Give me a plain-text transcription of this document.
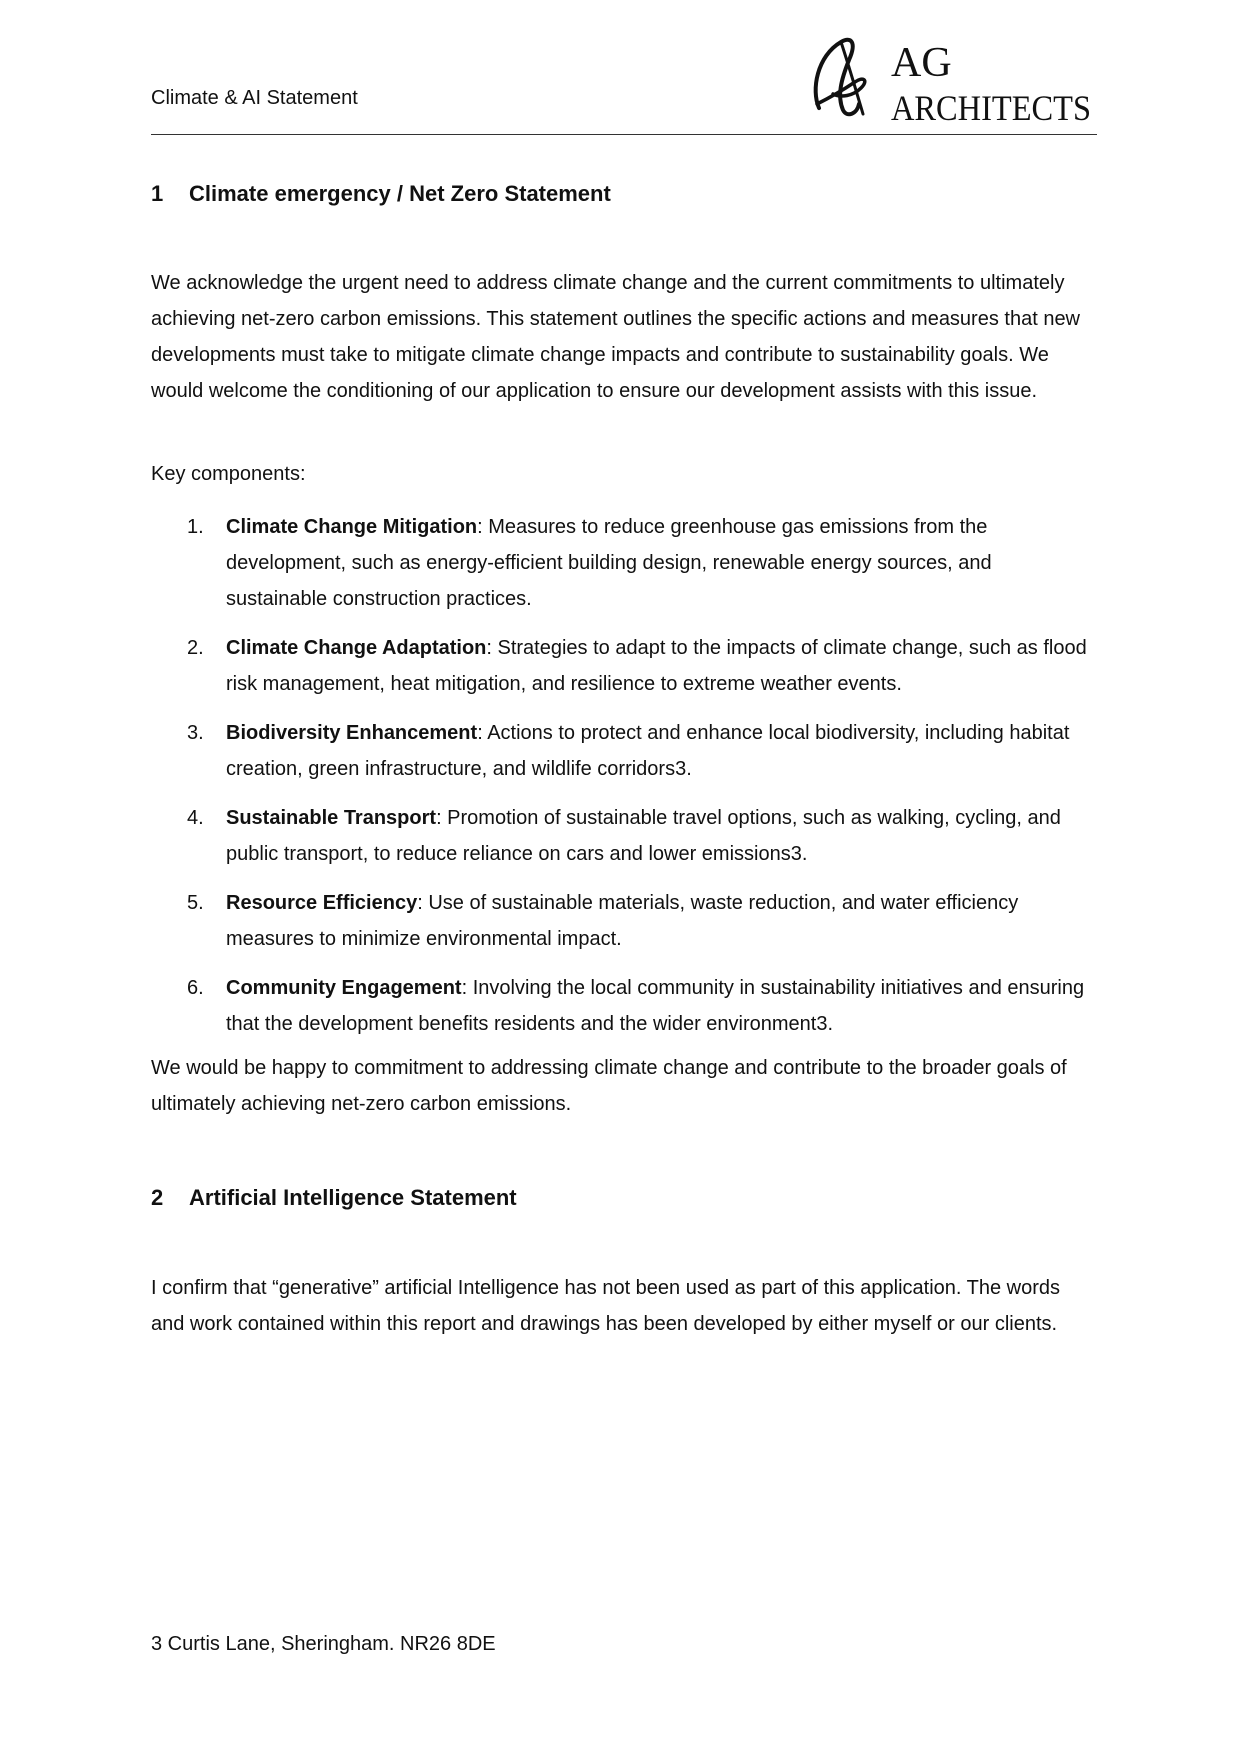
Climate & AI Statement	A AG
ARCHITECTS
1 Climate emergency / Net Zero Statement

We acknowledge the urgent need to address climate change and the current commitments to ultimately achieving net-zero carbon emissions. This statement outlines the specific actions and measures that new developments must take to mitigate climate change impacts and contribute to sustainability goals. We would welcome the conditioning of our application to ensure our development assists with this issue.

Key components:

1. Climate Change Mitigation: Measures to reduce greenhouse gas emissions from the development, such as energy-efficient building design, renewable energy sources, and sustainable construction practices.
2. Climate Change Adaptation: Strategies to adapt to the impacts of climate change, such as flood risk management, heat mitigation, and resilience to extreme weather events.
3. Biodiversity Enhancement: Actions to protect and enhance local biodiversity, including habitat creation, green infrastructure, and wildlife corridors3.
4. Sustainable Transport: Promotion of sustainable travel options, such as walking, cycling, and public transport, to reduce reliance on cars and lower emissions3.
5. Resource Efficiency: Use of sustainable materials, waste reduction, and water efficiency measures to minimize environmental impact.
6. Community Engagement: Involving the local community in sustainability initiatives and ensuring that the development benefits residents and the wider environment3.

We would be happy to commitment to addressing climate change and contribute to the broader goals of ultimately achieving net-zero carbon emissions.

2 Artificial Intelligence Statement

I confirm that “generative” artificial Intelligence has not been used as part of this application. The words and work contained within this report and drawings has been developed by either myself or our clients.

3 Curtis Lane, Sheringham. NR26 8DE
